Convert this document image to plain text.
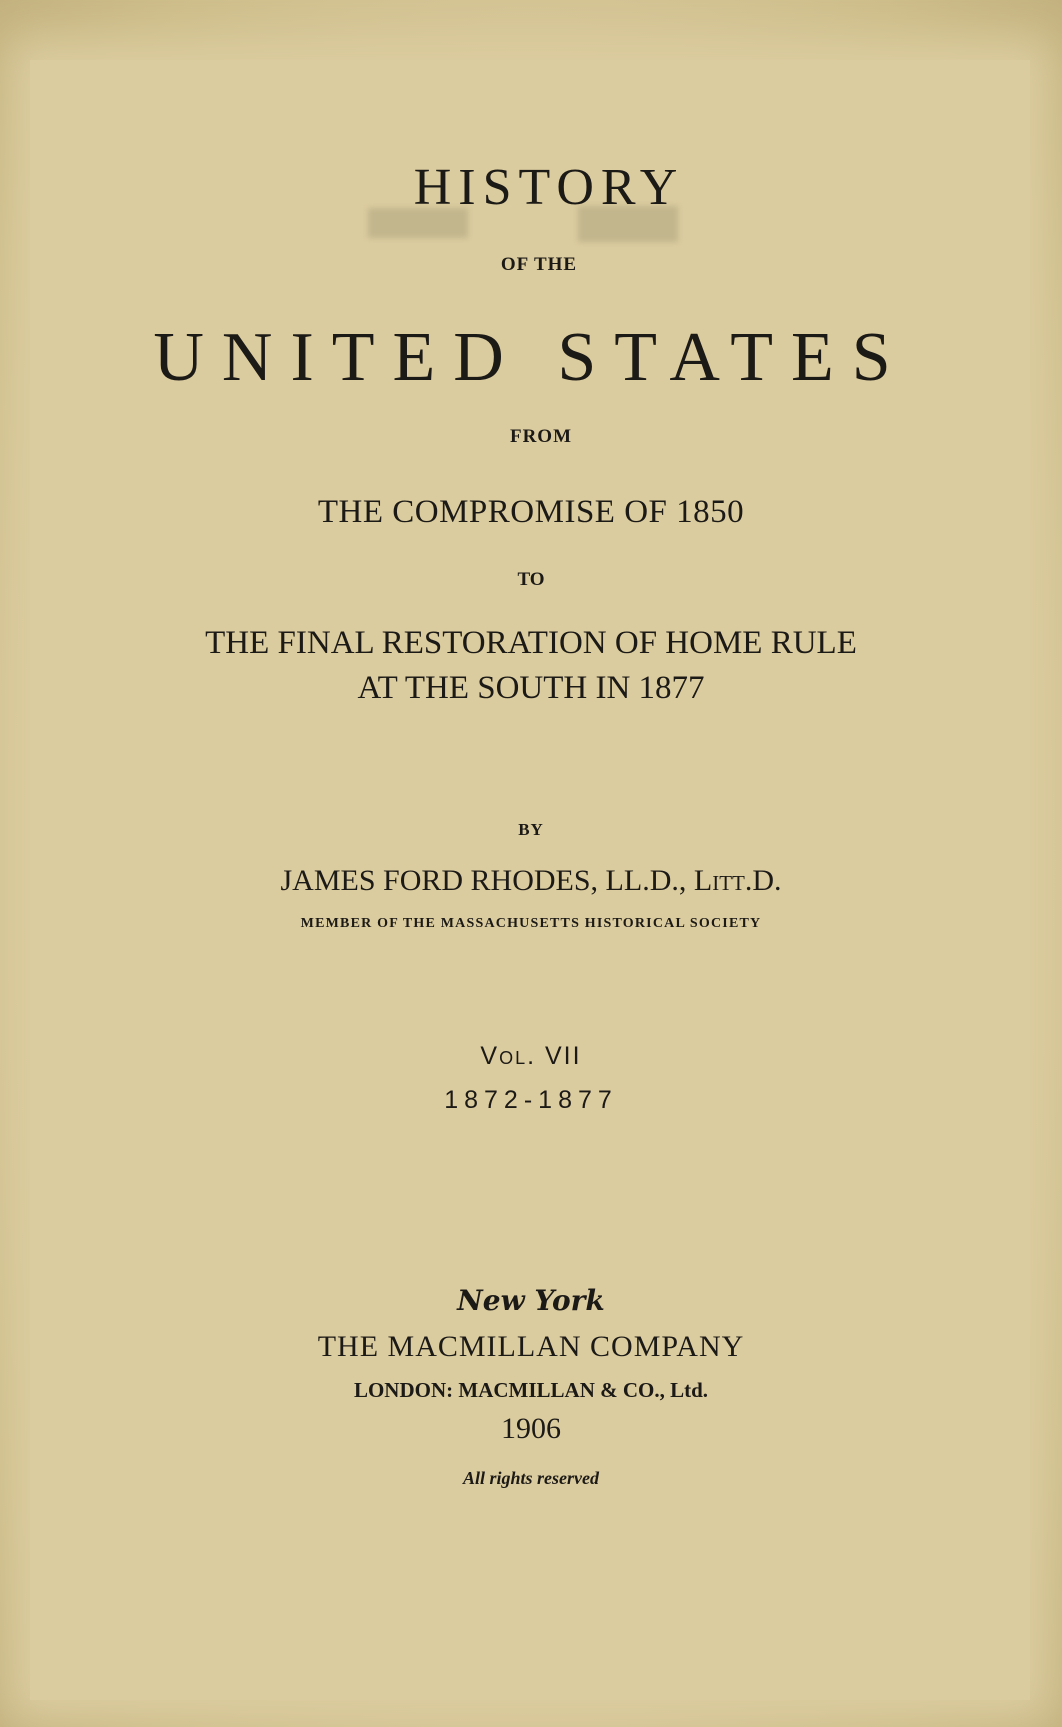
HISTORY
OF THE
UNITED STATES
FROM
THE COMPROMISE OF 1850
TO
THE FINAL RESTORATION OF HOME RULE
AT THE SOUTH IN 1877
BY
JAMES FORD RHODES, LL.D., Litt.D.
MEMBER OF THE MASSACHUSETTS HISTORICAL SOCIETY
Vol. VII
1872-1877
New York
THE MACMILLAN COMPANY
LONDON: MACMILLAN & CO., Ltd.
1906
All rights reserved
